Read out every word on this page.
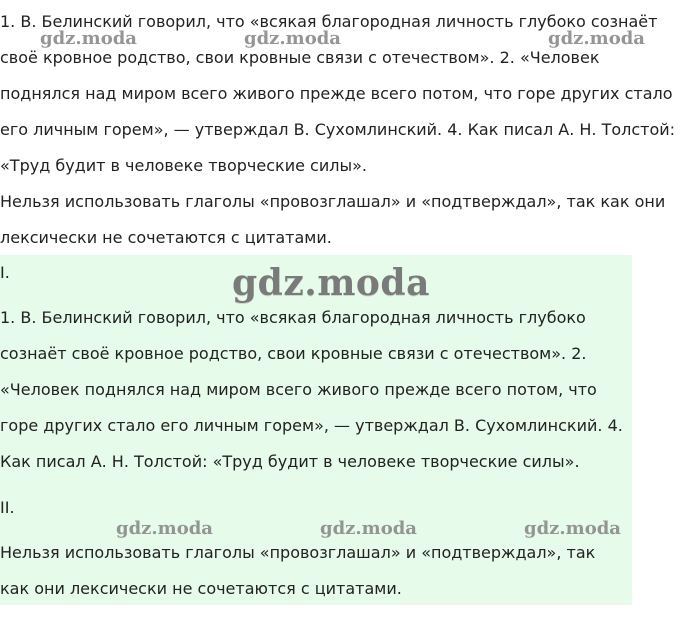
1. В. Белинский говорил, что «всякая благородная личность глубоко сознаёт своё кровное родство, свои кровные связи с отечеством». 2. «Человек поднялся над миром всего живого прежде всего потом, что горе других стало его личным горем», — утверждал В. Сухомлинский. 4. Как писал А. Н. Толстой: «Труд будит в человеке творческие силы».

Нельзя использовать глаголы «провозглашал» и «подтверждал», так как они лексически не сочетаются с цитатами.

I.

1. В. Белинский говорил, что «всякая благородная личность глубоко сознаёт своё кровное родство, свои кровные связи с отечеством». 2. «Человек поднялся над миром всего живого прежде всего потом, что горе других стало его личным горем», — утверждал В. Сухомлинский. 4. Как писал А. Н. Толстой: «Труд будит в человеке творческие силы».

II.

Нельзя использовать глаголы «провозглашал» и «подтверждал», так как они лексически не сочетаются с цитатами.

gdz.moda	gdz.moda	gdz.moda
gdz.moda
gdz.moda	gdz.moda	gdz.moda
